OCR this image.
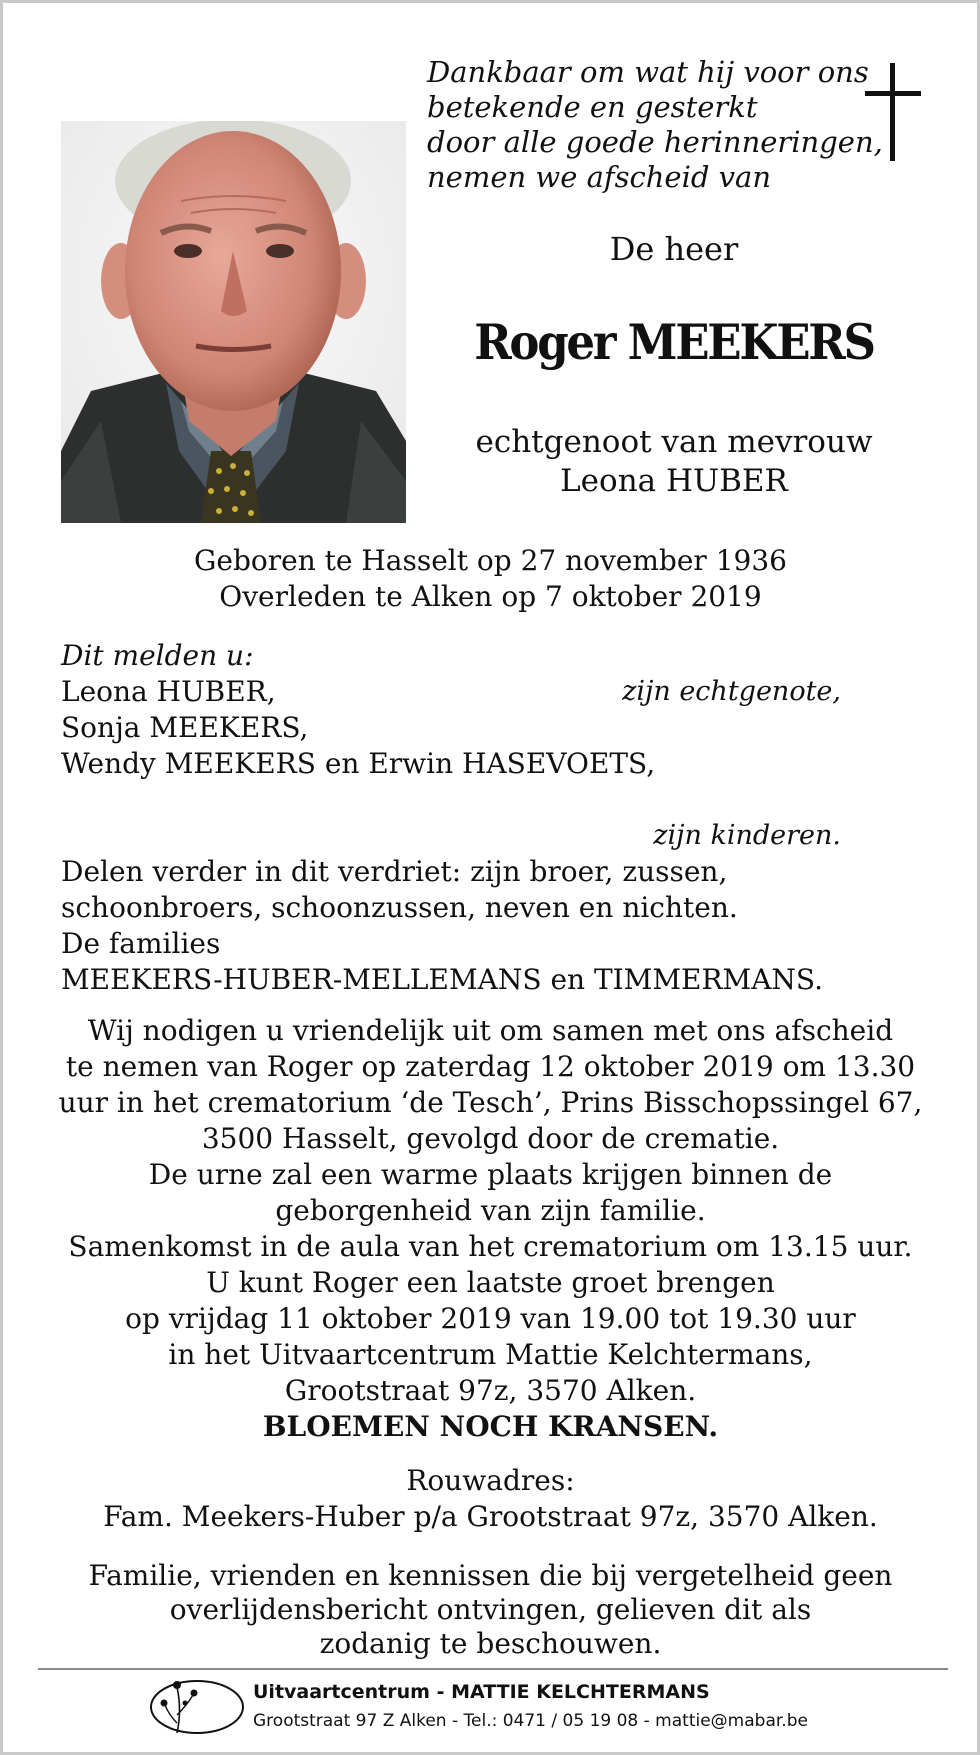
Dankbaar om wat hij voor ons
betekende en gesterkt
door alle goede herinneringen,
nemen we afscheid van
De heer
Roger MEEKERS
echtgenoot van mevrouw
Leona HUBER
Geboren te Hasselt op 27 november 1936
Overleden te Alken op 7 oktober 2019
Dit melden u:
Leona HUBER,	zijn echtgenote,
Sonja MEEKERS,
Wendy MEEKERS en Erwin HASEVOETS,
zijn kinderen.
Delen verder in dit verdriet: zijn broer, zussen,
schoonbroers, schoonzussen, neven en nichten.
De families
MEEKERS-HUBER-MELLEMANS en TIMMERMANS.
Wij nodigen u vriendelijk uit om samen met ons afscheid
te nemen van Roger op zaterdag 12 oktober 2019 om 13.30
uur in het crematorium ‘de Tesch’, Prins Bisschopssingel 67,
3500 Hasselt, gevolgd door de crematie.
De urne zal een warme plaats krijgen binnen de
geborgenheid van zijn familie.
Samenkomst in de aula van het crematorium om 13.15 uur.
U kunt Roger een laatste groet brengen
op vrijdag 11 oktober 2019 van 19.00 tot 19.30 uur
in het Uitvaartcentrum Mattie Kelchtermans,
Grootstraat 97z, 3570 Alken.
BLOEMEN NOCH KRANSEN.
Rouwadres:
Fam. Meekers-Huber p/a Grootstraat 97z, 3570 Alken.
Familie, vrienden en kennissen die bij vergetelheid geen
overlijdensbericht ontvingen, gelieven dit als
zodanig te beschouwen.
Uitvaartcentrum - MATTIE KELCHTERMANS
Grootstraat 97 Z Alken - Tel.: 0471 / 05 19 08 - mattie@mabar.be
